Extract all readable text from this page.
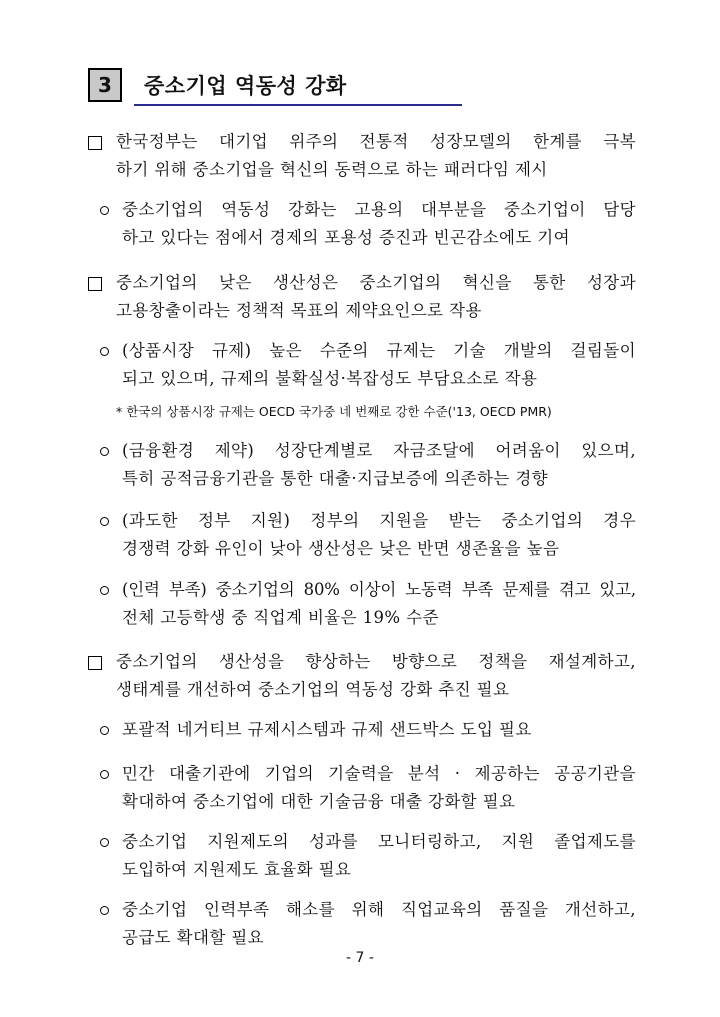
3	중소기업 역동성 강화
한국정부는 대기업 위주의 전통적 성장모델의 한계를 극복
하기 위해 중소기업을 혁신의 동력으로 하는 패러다임 제시
중소기업의 역동성 강화는 고용의 대부분을 중소기업이 담당
하고 있다는 점에서 경제의 포용성 증진과 빈곤감소에도 기여
중소기업의 낮은 생산성은 중소기업의 혁신을 통한 성장과
고용창출이라는 정책적 목표의 제약요인으로 작용
(상품시장 규제) 높은 수준의 규제는 기술 개발의 걸림돌이
되고 있으며, 규제의 불확실성·복잡성도 부담요소로 작용
* 한국의 상품시장 규제는 OECD 국가중 네 번째로 강한 수준('13, OECD PMR)
(금융환경 제약) 성장단계별로 자금조달에 어려움이 있으며,
특히 공적금융기관을 통한 대출·지급보증에 의존하는 경향
(과도한 정부 지원) 정부의 지원을 받는 중소기업의 경우
경쟁력 강화 유인이 낮아 생산성은 낮은 반면 생존율을 높음
(인력 부족) 중소기업의 80% 이상이 노동력 부족 문제를 겪고 있고,
전체 고등학생 중 직업계 비율은 19% 수준
중소기업의 생산성을 향상하는 방향으로 정책을 재설계하고,
생태계를 개선하여 중소기업의 역동성 강화 추진 필요
포괄적 네거티브 규제시스템과 규제 샌드박스 도입 필요
민간 대출기관에 기업의 기술력을 분석 · 제공하는 공공기관을
확대하여 중소기업에 대한 기술금융 대출 강화할 필요
중소기업 지원제도의 성과를 모니터링하고, 지원 졸업제도를
도입하여 지원제도 효율화 필요
중소기업 인력부족 해소를 위해 직업교육의 품질을 개선하고,
공급도 확대할 필요
- 7 -
